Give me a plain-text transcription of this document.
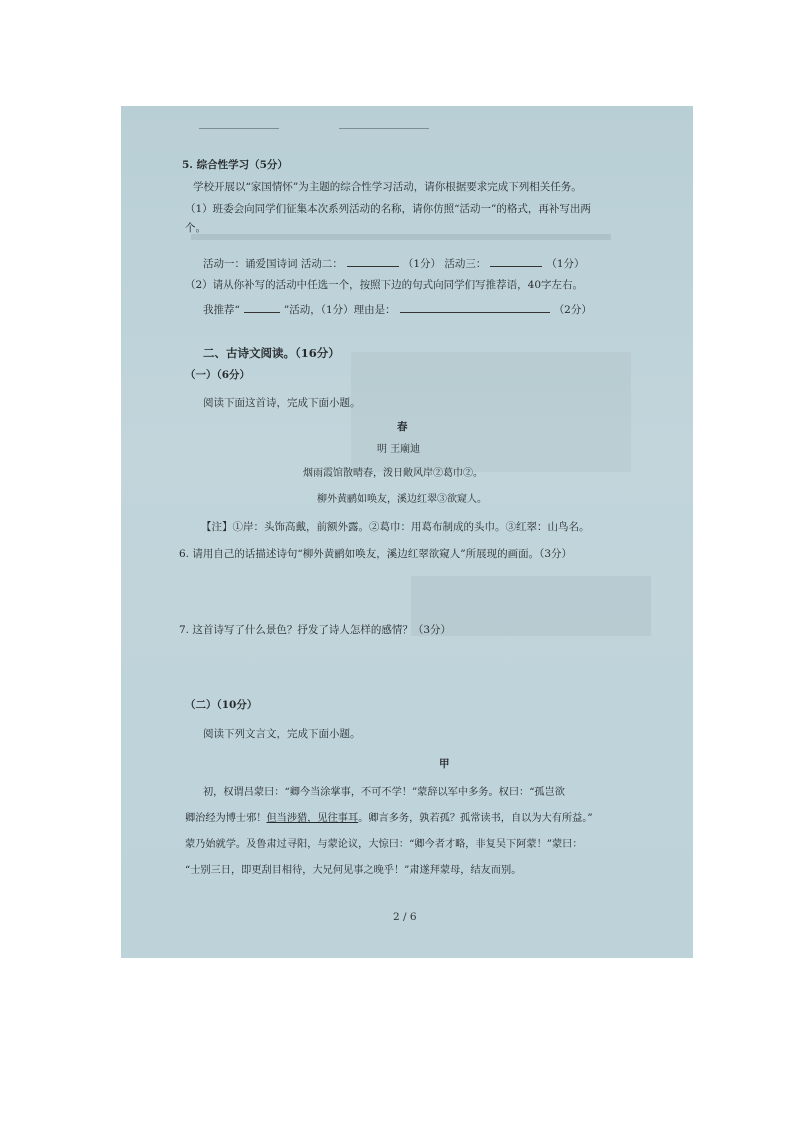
5. 综合性学习（5分）
学校开展以“家国情怀”为主题的综合性学习活动，请你根据要求完成下列相关任务。
（1）班委会向同学们征集本次系列活动的名称，请你仿照“活动一”的格式，再补写出两
个。
活动一：诵爱国诗词 活动二：	（1分） 活动三：	（1分）
（2）请从你补写的活动中任选一个，按照下边的句式向同学们写推荐语，40字左右。
我推荐“	”活动，（1分）理由是：	（2分）
二、古诗文阅读。（16分）
（一）（6分）
阅读下面这首诗，完成下面小题。
春
明 王廟迪
烟雨霞馆散晴春，泼日敞风岸②葛巾②。
柳外黄鹂如唤友，溪边红翠③欲窥人。
【注】①岸：头饰高戴，前额外露。②葛巾：用葛布制成的头巾。③红翠：山鸟名。
6. 请用自己的话描述诗句“柳外黄鹂如唤友，溪边红翠欲窥人”所展现的画面。（3分）
7. 这首诗写了什么景色？抒发了诗人怎样的感情？（3分）
（二）（10分）
阅读下列文言文，完成下面小题。
甲
初，权谓吕蒙曰：“卿今当涂掌事，不可不学！”蒙辞以军中多务。权曰：“孤岂欲
卿治经为博士邪！但当涉猎，见往事耳。卿言多务，孰若孤？孤常读书，自以为大有所益。”
蒙乃始就学。及鲁肃过寻阳，与蒙论议，大惊曰：“卿今者才略，非复吴下阿蒙！”蒙曰：
“士别三日，即更刮目相待，大兄何见事之晚乎！”肃遂拜蒙母，结友而别。
2 / 6
